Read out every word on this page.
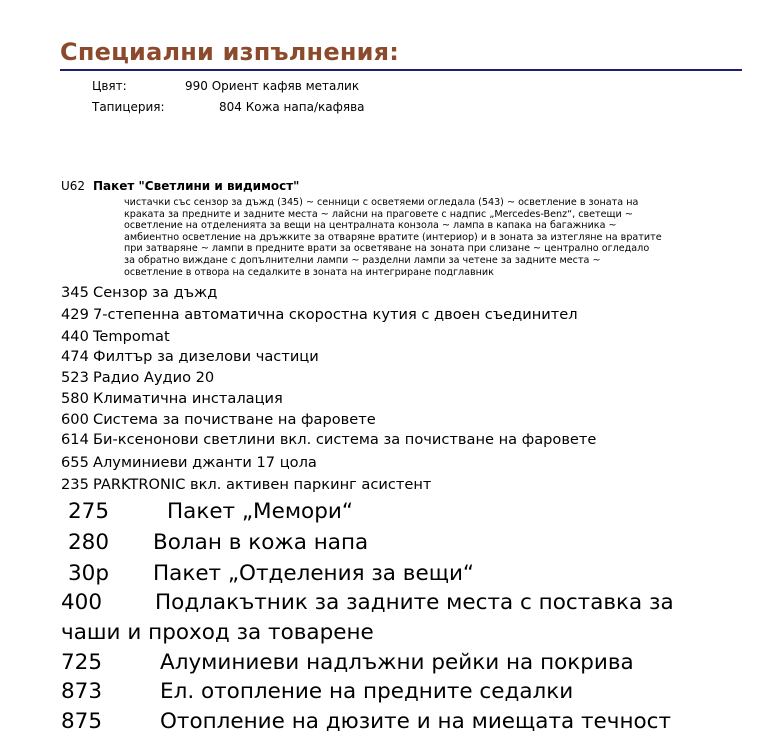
Специални изпълнения:
Цвят:	990 Ориент кафяв металик
Тапицерия:	804 Кожа напа/кафява
U62 Пакет "Светлини и видимост"
чистачки със сензор за дъжд (345) ~ сенници с осветяеми огледала (543) ~ осветление в зоната на
краката за предните и задните места ~ лайсни на праговете с надпис „Mercedes-Benz“, светещи ~
осветление на отделенията за вещи на централната конзола ~ лампа в капака на багажника ~
амбиентно осветление на дръжките за отваряне вратите (интериор) и в зоната за изтегляне на вратите
при затваряне ~ лампи в предните врати за осветяване на зоната при слизане ~ централно огледало
за обратно виждане с допълнителни лампи ~ разделни лампи за четене за задните места ~
осветление в отвора на седалките в зоната на интегриране подглавник
345 Сензор за дъжд
429 7-степенна автоматична скоростна кутия с двоен съединител
440 Tempomat
474 Филтър за дизелови частици
523 Радио Аудио 20
580 Климатична инсталация
600 Система за почистване на фаровете
614 Би-ксенонови светлини вкл. система за почистване на фаровете
655 Алуминиеви джанти 17 цола
235 PARKTRONIC вкл. активен паркинг асистент
275	Пакет „Мемори“
280 Волан в кожа напа
30р Пакет „Отделения за вещи“
400 Подлакътник за задните места с поставка за
чаши и проход за товарене
725	Алуминиеви надлъжни рейки на покрива
873	Ел. отопление на предните седалки
875	Отопление на дюзите и на миещата течност
